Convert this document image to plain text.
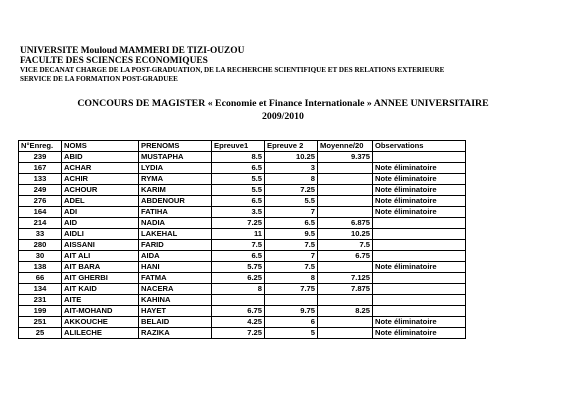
UNIVERSITE Mouloud MAMMERI DE TIZI-OUZOU
FACULTE DES SCIENCES ECONOMIQUES
VICE DECANAT CHARGE DE LA POST-GRADUATION, DE LA RECHERCHE SCIENTIFIQUE ET DES RELATIONS EXTERIEURE
SERVICE DE LA FORMATION POST-GRADUEE
CONCOURS DE MAGISTER « Economie et Finance Internationale » ANNEE UNIVERSITAIRE
2009/2010
N°Enreg.	NOMS	PRENOMS	Epreuve1	Epreuve 2	Moyenne/20	Observations
239	ABID	MUSTAPHA	8.5	10.25	9.375	
167	ACHAR	LYDIA	6.5	3		Note éliminatoire
133	ACHIR	RYMA	5.5	8		Note éliminatoire
249	ACHOUR	KARIM	5.5	7.25		Note éliminatoire
276	ADEL	ABDENOUR	6.5	5.5		Note éliminatoire
164	ADI	FATIHA	3.5	7		Note éliminatoire
214	AID	NADIA	7.25	6.5	6.875	
33	AIDLI	LAKEHAL	11	9.5	10.25	
280	AISSANI	FARID	7.5	7.5	7.5	
30	AIT ALI	AIDA	6.5	7	6.75	
138	AIT BARA	HANI	5.75	7.5		Note éliminatoire
66	AIT GHERBI	FATMA	6.25	8	7.125	
134	AIT KAID	NACERA	8	7.75	7.875	
231	AITE	KAHINA				
199	AIT-MOHAND	HAYET	6.75	9.75	8.25	
251	AKKOUCHE	BELAID	4.25	6		Note éliminatoire
25	ALILECHE	RAZIKA	7.25	5		Note éliminatoire
